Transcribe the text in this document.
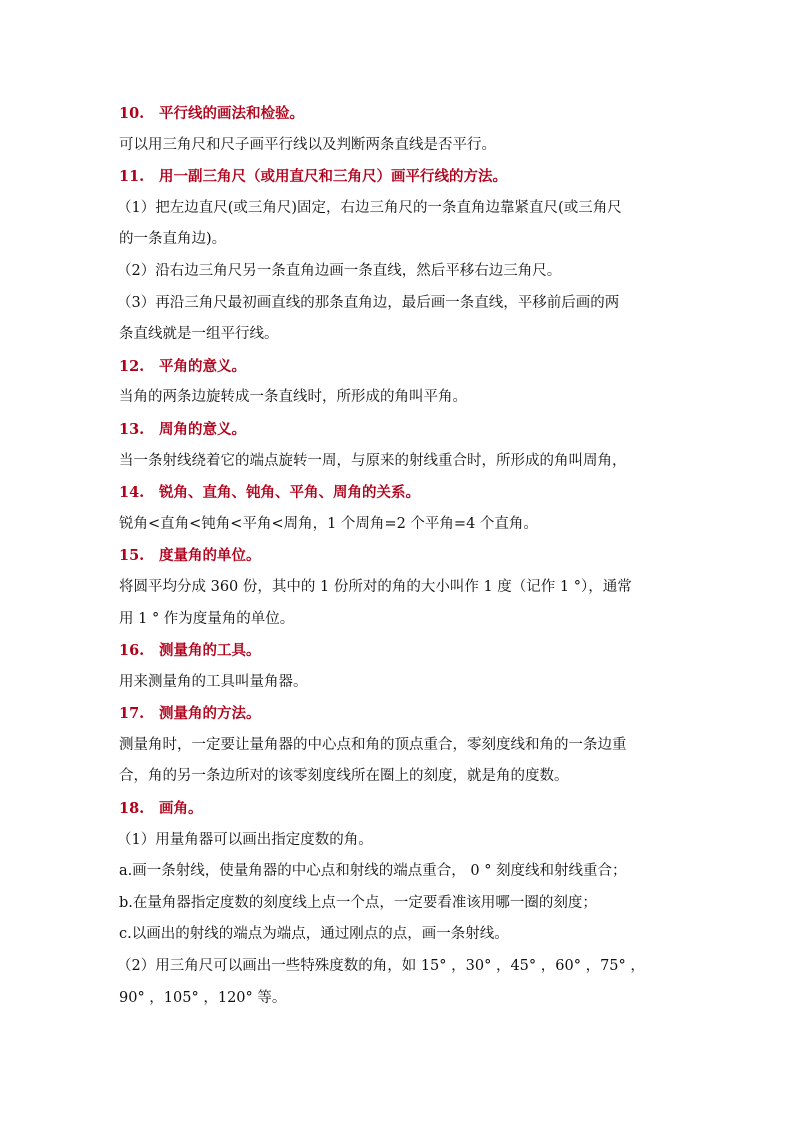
10. 平行线的画法和检验。
可以用三角尺和尺子画平行线以及判断两条直线是否平行。
11. 用一副三角尺（或用直尺和三角尺）画平行线的方法。
（1）把左边直尺(或三角尺)固定，右边三角尺的一条直角边靠紧直尺(或三角尺
的一条直角边)。
（2）沿右边三角尺另一条直角边画一条直线，然后平移右边三角尺。
（3）再沿三角尺最初画直线的那条直角边，最后画一条直线，平移前后画的两
条直线就是一组平行线。
12. 平角的意义。
当角的两条边旋转成一条直线时，所形成的角叫平角。
13. 周角的意义。
当一条射线绕着它的端点旋转一周，与原来的射线重合时，所形成的角叫周角，
14. 锐角、直角、钝角、平角、周角的关系。
锐角<直角<钝角<平角<周角，1 个周角=2 个平角=4 个直角。
15. 度量角的单位。
将圆平均分成 360 份，其中的 1 份所对的角的大小叫作 1 度（记作 1 °），通常
用 1 ° 作为度量角的单位。
16. 测量角的工具。
用来测量角的工具叫量角器。
17. 测量角的方法。
测量角时，一定要让量角器的中心点和角的顶点重合，零刻度线和角的一条边重
合，角的另一条边所对的该零刻度线所在圈上的刻度，就是角的度数。
18. 画角。
（1）用量角器可以画出指定度数的角。
a.画一条射线，使量角器的中心点和射线的端点重合， 0 ° 刻度线和射线重合；
b.在量角器指定度数的刻度线上点一个点，一定要看准该用哪一圈的刻度；
c.以画出的射线的端点为端点，通过刚点的点，画一条射线。
（2）用三角尺可以画出一些特殊度数的角，如 15° ，30° ，45° ，60° ，75° ，
90° ，105° ，120° 等。
